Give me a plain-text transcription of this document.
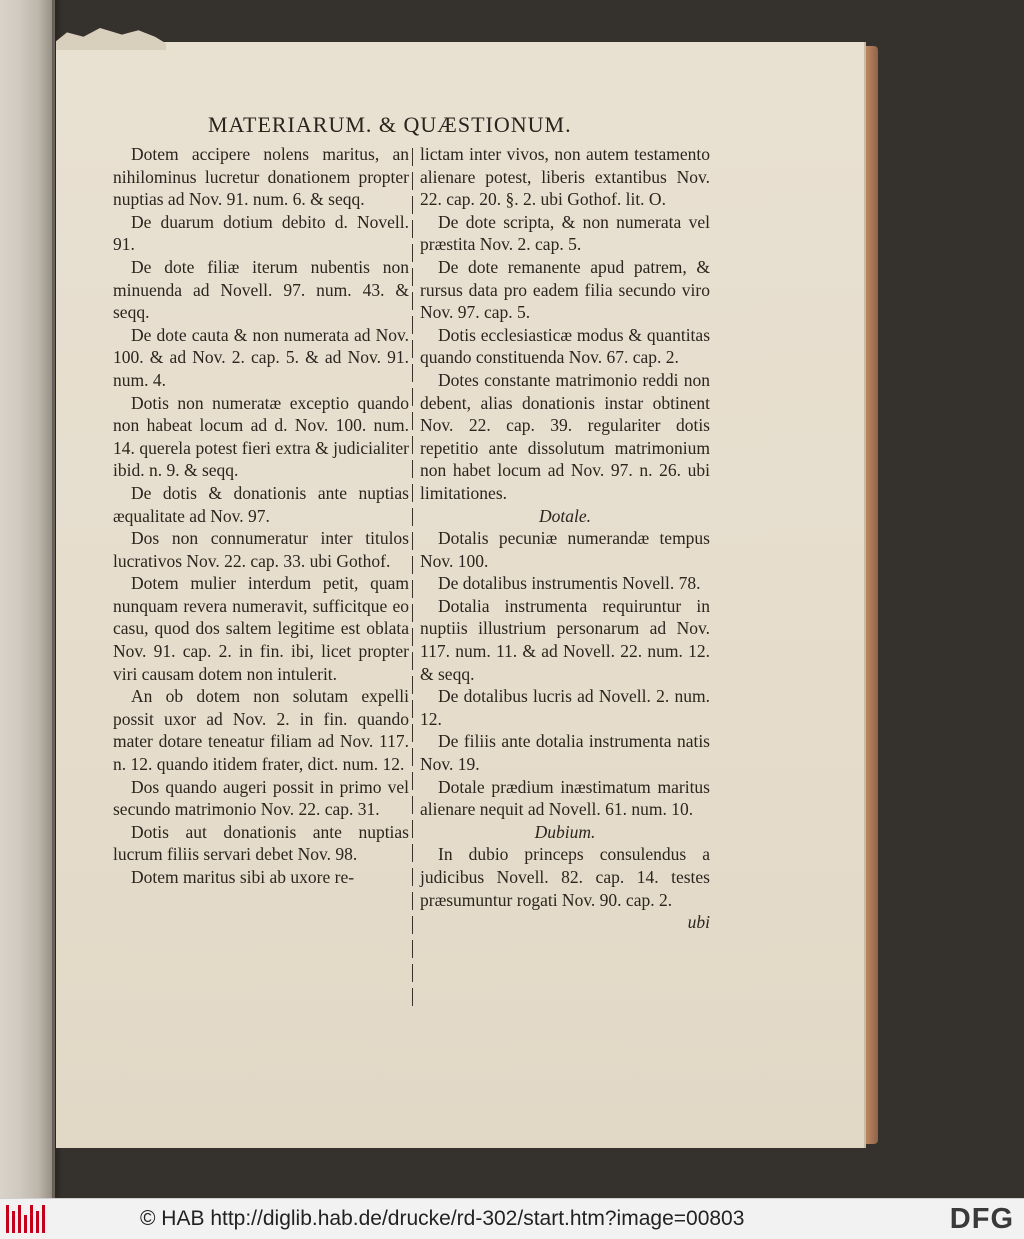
MATERIARUM. & QUÆSTIONUM.

Dotem accipere nolens maritus, an nihilominus lucretur donationem propter nuptias ad Nov. 91. num. 6. & seqq.

De duarum dotium debito d. Novell. 91.

De dote filiæ iterum nubentis non minuenda ad Novell. 97. num. 43. & seqq.

De dote cauta & non numerata ad Nov. 100. & ad Nov. 2. cap. 5. & ad Nov. 91. num. 4.

Dotis non numeratæ exceptio quando non habeat locum ad d. Nov. 100. num. 14. querela potest fieri extra & judicialiter ibid. n. 9. & seqq.

De dotis & donationis ante nuptias æqualitate ad Nov. 97.

Dos non connumeratur inter titulos lucrativos Nov. 22. cap. 33. ubi Gothof.

Dotem mulier interdum petit, quam nunquam revera numeravit, sufficitque eo casu, quod dos saltem legitime est oblata Nov. 91. cap. 2. in fin. ibi, licet propter viri causam dotem non intulerit.

An ob dotem non solutam expelli possit uxor ad Nov. 2. in fin. quando mater dotare teneatur filiam ad Nov. 117. n. 12. quando itidem frater, dict. num. 12.

Dos quando augeri possit in primo vel secundo matrimonio Nov. 22. cap. 31.

Dotis aut donationis ante nuptias lucrum filiis servari debet Nov. 98.

Dotem maritus sibi ab uxore re-

lictam inter vivos, non autem testamento alienare potest, liberis extantibus Nov. 22. cap. 20. §. 2. ubi Gothof. lit. O.

De dote scripta, & non numerata vel præstita Nov. 2. cap. 5.

De dote remanente apud patrem, & rursus data pro eadem filia secundo viro Nov. 97. cap. 5.

Dotis ecclesiasticæ modus & quantitas quando constituenda Nov. 67. cap. 2.

Dotes constante matrimonio reddi non debent, alias donationis instar obtinent Nov. 22. cap. 39. regulariter dotis repetitio ante dissolutum matrimonium non habet locum ad Nov. 97. n. 26. ubi limitationes.

Dotale.

Dotalis pecuniæ numerandæ tempus Nov. 100.

De dotalibus instrumentis Novell. 78.

Dotalia instrumenta requiruntur in nuptiis illustrium personarum ad Nov. 117. num. 11. & ad Novell. 22. num. 12. & seqq.

De dotalibus lucris ad Novell. 2. num. 12.

De filiis ante dotalia instrumenta natis Nov. 19.

Dotale prædium inæstimatum maritus alienare nequit ad Novell. 61. num. 10.

Dubium.

In dubio princeps consulendus a judicibus Novell. 82. cap. 14. testes præsumuntur rogati Nov. 90. cap. 2.

ubi

© HAB http://diglib.hab.de/drucke/rd-302/start.htm?image=00803	DFG
